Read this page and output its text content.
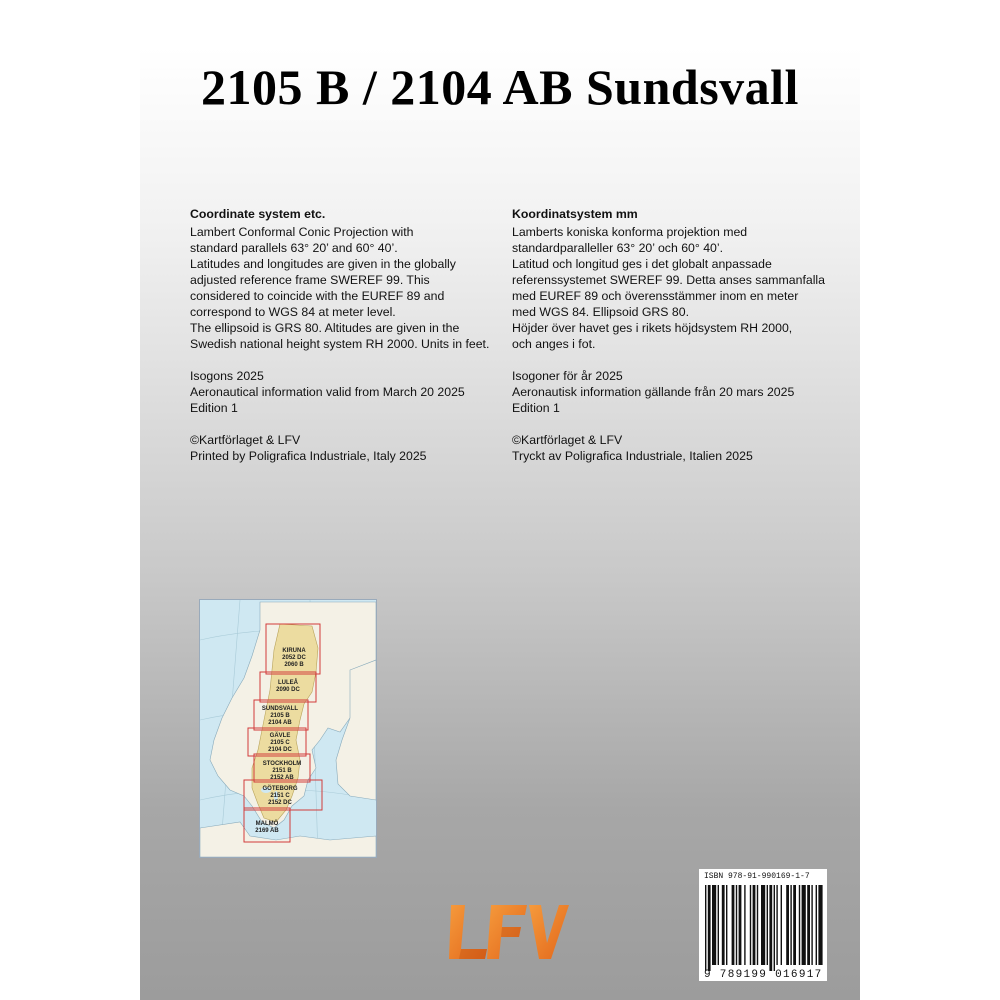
2105 B / 2104 AB Sundsvall
Coordinate system etc.

Lambert Conformal Conic Projection with
standard parallels 63° 20’ and 60° 40’.
Latitudes and longitudes are given in the globally
adjusted reference frame SWEREF 99. This
considered to coincide with the EUREF 89 and
correspond to WGS 84 at meter level.
The ellipsoid is GRS 80. Altitudes are given in the
Swedish national height system RH 2000. Units in feet.

Isogons 2025
Aeronautical information valid from March 20 2025
Edition 1
©Kartförlaget & LFV
Printed by Poligrafica Industriale, Italy 2025
Koordinatsystem mm

Lamberts koniska konforma projektion med
standardparalleller 63° 20’ och 60° 40’.
Latitud och longitud ges i det globalt anpassade
referenssystemet SWEREF 99. Detta anses sammanfalla
med EUREF 89 och överensstämmer inom en meter
med WGS 84. Ellipsoid GRS 80.
Höjder över havet ges i rikets höjdsystem RH 2000,
och anges i fot.

Isogoner för år 2025
Aeronautisk information gällande från 20 mars 2025
Edition 1
©Kartförlaget & LFV
Tryckt av Poligrafica Industriale, Italien 2025
KIRUNA
2052 DC
2060 B
LULEÅ
2090 DC
SUNDSVALL
2105 B
2104 AB
GÄVLE
2105 C
2104 DC
STOCKHOLM
2151 B
2152 AB
GÖTEBORG
2151 C
2152 DC
MALMÖ
2169 AB
ISBN 978-91-990169-1-7
9 789199 016917
